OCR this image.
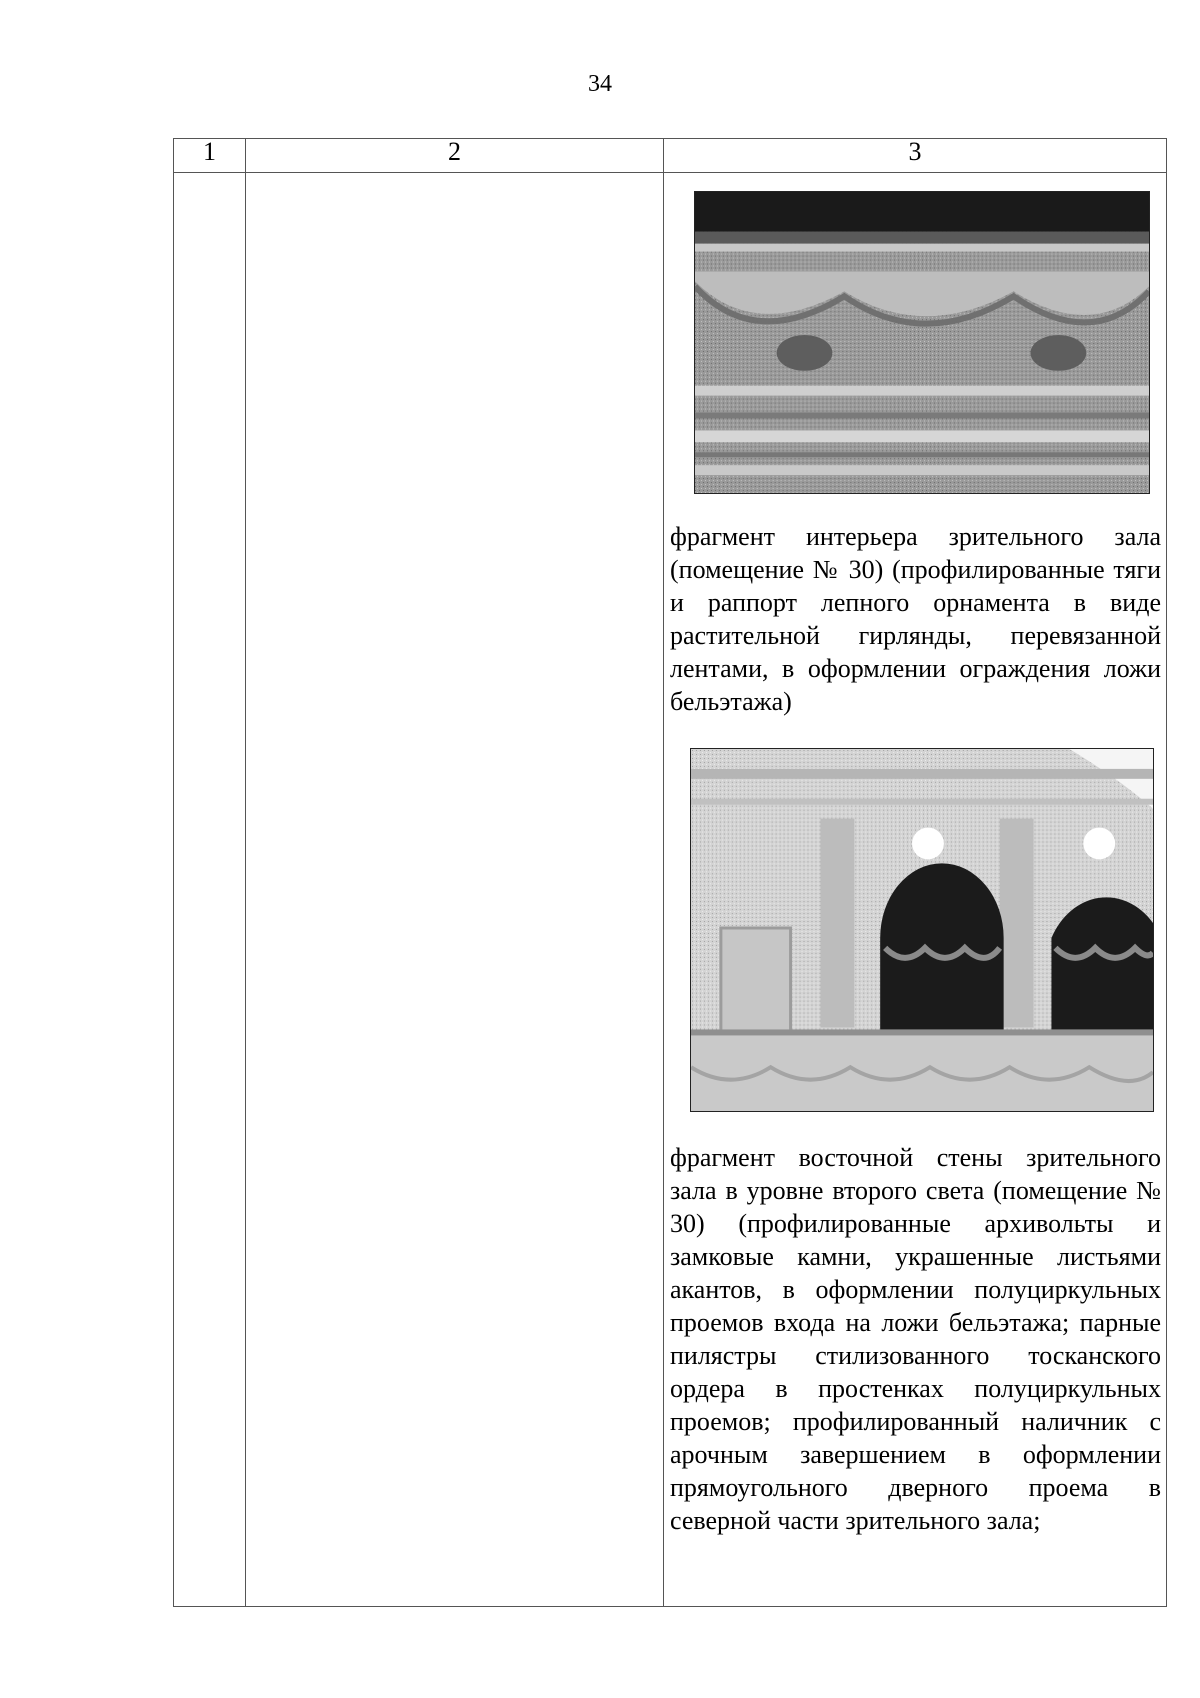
34
1	2	3

		фрагмент интерьера зрительного зала (помещение № 30) (профилированные тяги и раппорт лепного орнамента в виде растительной гирлянды, перевязанной лентами, в оформлении ограждения ложи бельэтажа)

фрагмент восточной стены зрительного зала в уровне второго света (помещение № 30) (профилированные архивольты и замковые камни, украшенные листьями акантов, в оформлении полуциркульных проемов входа на ложи бельэтажа; парные пилястры стилизованного тосканского ордера в простенках полуциркульных проемов; профилированный наличник с арочным завершением в оформлении прямоугольного дверного проема в северной части зрительного зала;
